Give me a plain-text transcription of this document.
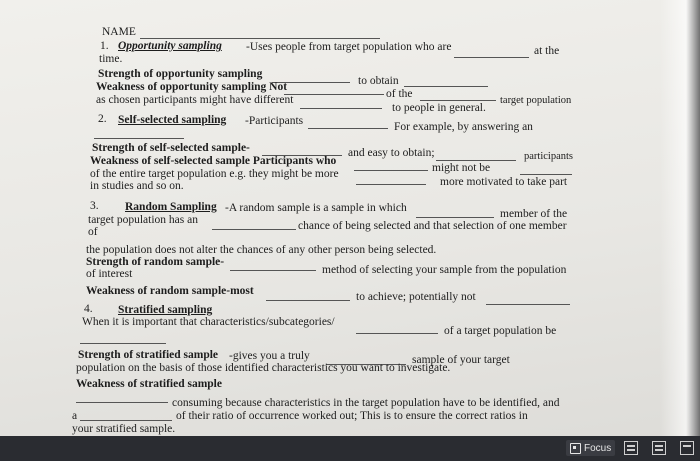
NAME
1. Opportunity sampling -Uses people from target population who are	at the
time.
Strength of opportunity sampling
to obtain
Weakness of opportunity sampling Not
of the
target population
as chosen participants might have different
to people in general.
2. Self-selected sampling -Participants	For example, by answering an
Strength of self-selected sample-	and easy to obtain;	participants
Weakness of self-selected sample Participants who
might not be
of the entire target population e.g. they might be more
more motivated to take part
in studies and so on.
3. Random Sampling -A random sample is a sample in which	member of the
target population has an	chance of being selected and that selection of one member
of
the population does not alter the chances of any other person being selected.
Strength of random sample-
method of selecting your sample from the population
of interest
Weakness of random sample-most	to achieve; potentially not
4. Stratified sampling
When it is important that characteristics/subcategories/
of a target population be
Strength of stratified sample -gives you a truly	sample of your target
population on the basis of those identified characteristics you want to investigate.
Weakness of stratified sample
consuming because characteristics in the target population have to be identified, and
a	of their ratio of occurrence worked out; This is to ensure the correct ratios in
your stratified sample.
Focus
